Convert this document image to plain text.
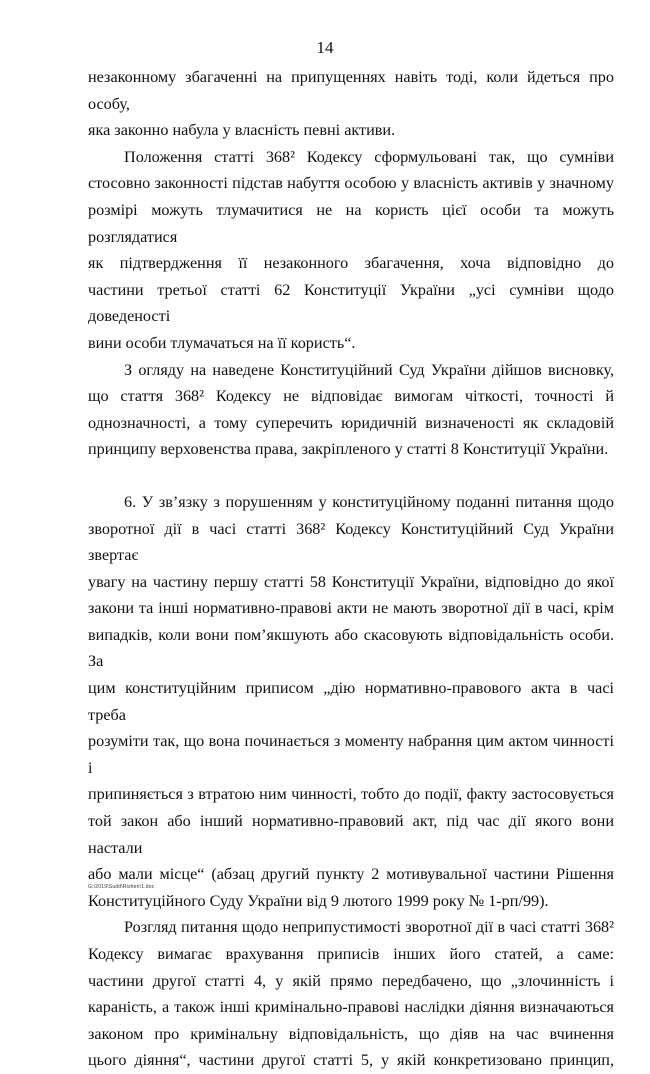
14
незаконному збагаченні на припущеннях навіть тоді, коли йдеться про особу,
яка законно набула у власність певні активи.
Положення статті 368² Кодексу сформульовані так, що сумніви
стосовно законності підстав набуття особою у власність активів у значному
розмірі можуть тлумачитися не на користь цієї особи та можуть розглядатися
як підтвердження її незаконного збагачення, хоча відповідно до
частини третьої статті 62 Конституції України „усі сумніви щодо доведеності
вини особи тлумачаться на її користь“.
З огляду на наведене Конституційний Суд України дійшов висновку,
що стаття 368² Кодексу не відповідає вимогам чіткості, точності й
однозначності, а тому суперечить юридичній визначеності як складовій
принципу верховенства права, закріпленого у статті 8 Конституції України.
6. У зв’язку з порушенням у конституційному поданні питання щодо
зворотної дії в часі статті 368² Кодексу Конституційний Суд України звертає
увагу на частину першу статті 58 Конституції України, відповідно до якої
закони та інші нормативно-правові акти не мають зворотної дії в часі, крім
випадків, коли вони пом’якшують або скасовують відповідальність особи. За
цим конституційним приписом „дію нормативно-правового акта в часі треба
розуміти так, що вона починається з моменту набрання цим актом чинності і
припиняється з втратою ним чинності, тобто до події, факту застосовується
той закон або інший нормативно-правовий акт, під час дії якого вони настали
або мали місце“ (абзац другий пункту 2 мотивувальної частини Рішення
Конституційного Суду України від 9 лютого 1999 року № 1-рп/99).
Розгляд питання щодо неприпустимості зворотної дії в часі статті 368²
Кодексу вимагає врахування приписів інших його статей, а саме:
частини другої статті 4, у якій прямо передбачено, що „злочинність і
караність, а також інші кримінально-правові наслідки діяння визначаються
законом про кримінальну відповідальність, що діяв на час вчинення
цього діяння“, частини другої статті 5, у якій конкретизовано принцип,
G:\2019\Sudd\Rishen\1.doc
